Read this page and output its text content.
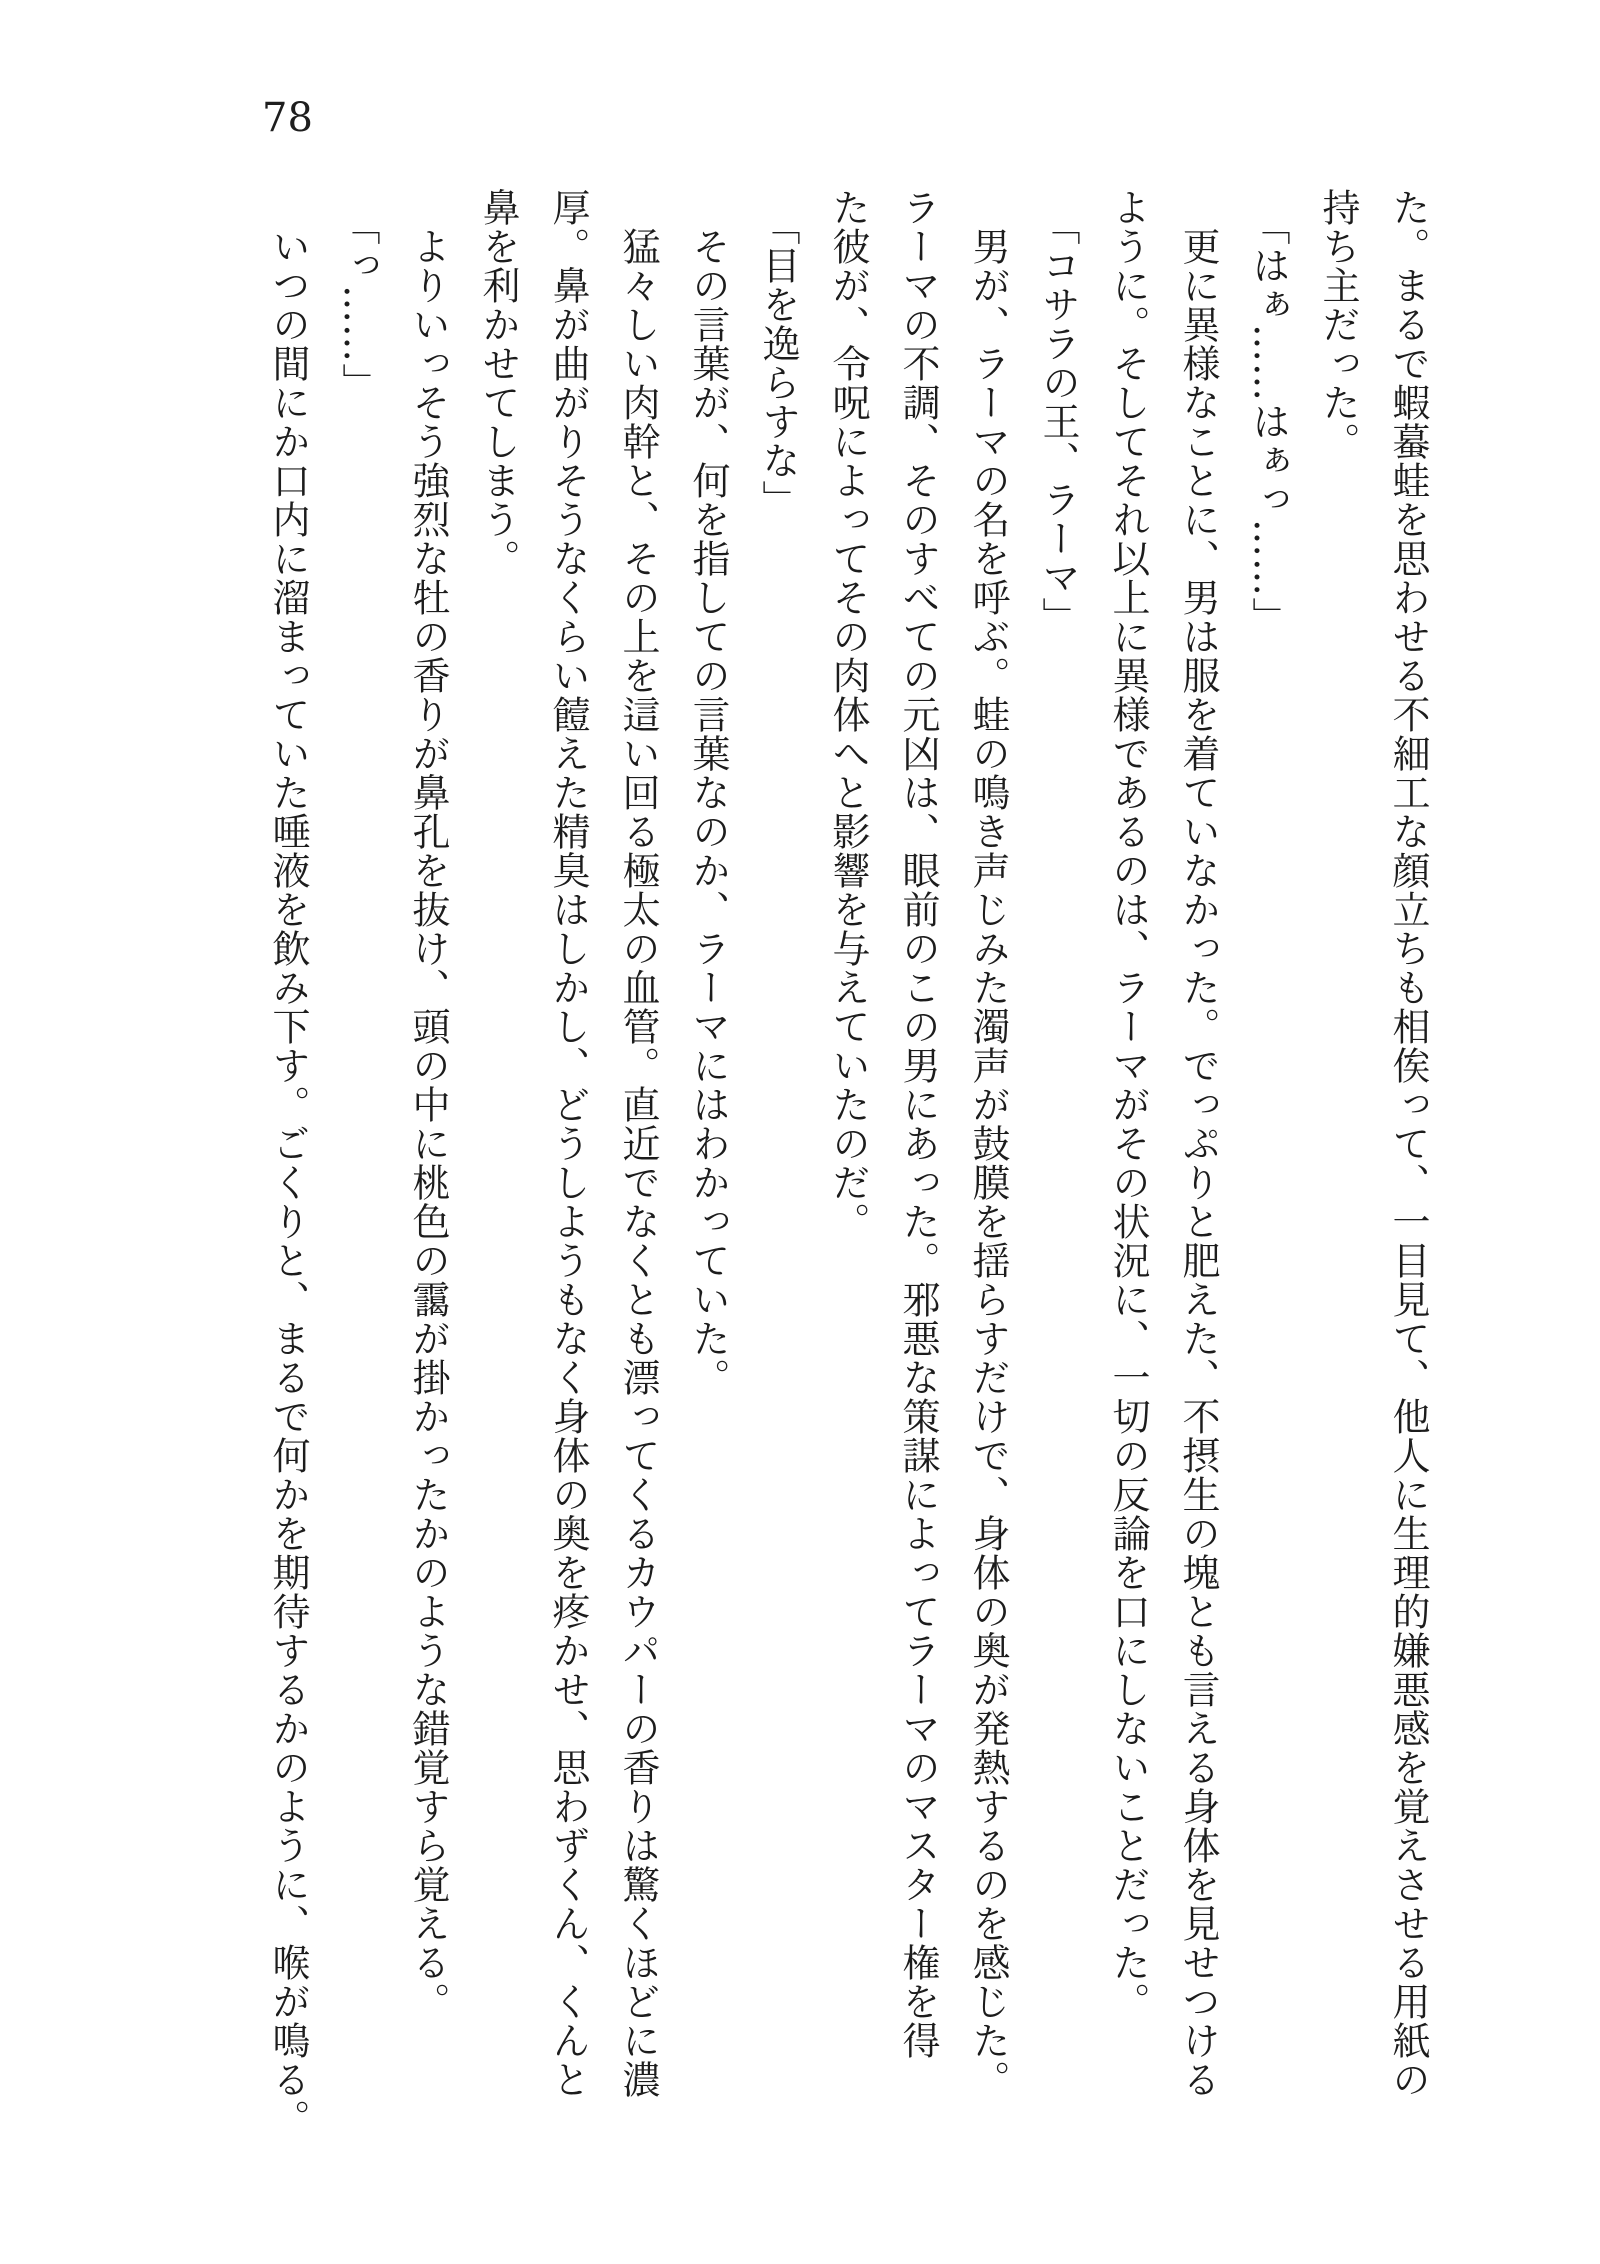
78

た。まるで蝦蟇蛙を思わせる不細工な顔立ちも相俟って、一目見て、他人に生理的嫌悪感を覚えさせる用紙の

持ち主だった。

「はぁ……はぁっ……」

　更に異様なことに、男は服を着ていなかった。でっぷりと肥えた、不摂生の塊とも言える身体を見せつける

ように。そしてそれ以上に異様であるのは、ラーマがその状況に、一切の反論を口にしないことだった。

「コサラの王、ラーマ」

　男が、ラーマの名を呼ぶ。蛙の鳴き声じみた濁声が鼓膜を揺らすだけで、身体の奥が発熱するのを感じた。

ラーマの不調、そのすべての元凶は、眼前のこの男にあった。邪悪な策謀によってラーマのマスター権を得

た彼が、令呪によってその肉体へと影響を与えていたのだ。

「目を逸らすな」

　その言葉が、何を指しての言葉なのか、ラーマにはわかっていた。

　猛々しい肉幹と、その上を這い回る極太の血管。直近でなくとも漂ってくるカウパーの香りは驚くほどに濃

厚。鼻が曲がりそうなくらい饐えた精臭はしかし、どうしようもなく身体の奥を疼かせ、思わずくん、くんと

鼻を利かせてしまう。

　よりいっそう強烈な牡の香りが鼻孔を抜け、頭の中に桃色の靄が掛かったかのような錯覚すら覚える。

「っ……」

　いつの間にか口内に溜まっていた唾液を飲み下す。ごくりと、まるで何かを期待するかのように、喉が鳴る。
